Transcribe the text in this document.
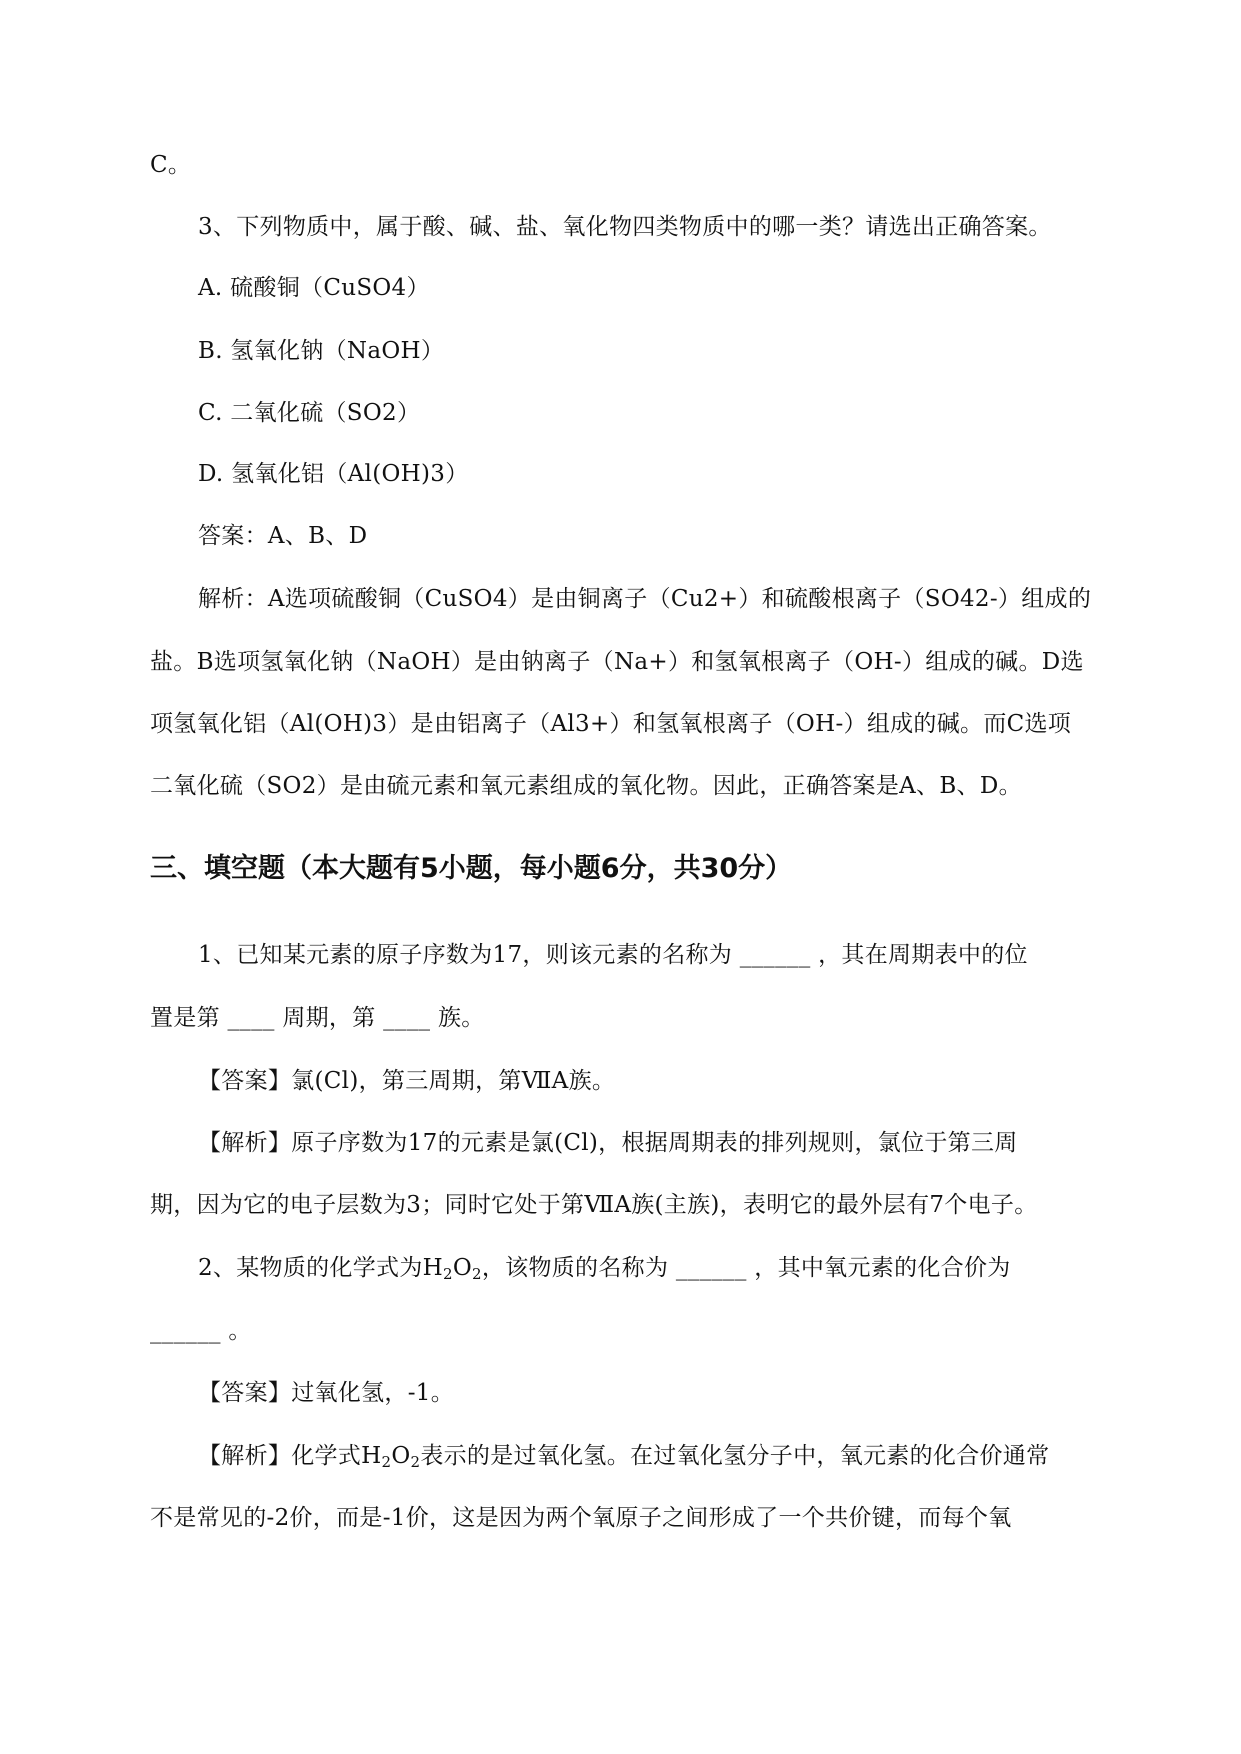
C。
3、下列物质中，属于酸、碱、盐、氧化物四类物质中的哪一类？请选出正确答案。
A. 硫酸铜（CuSO4）
B. 氢氧化钠（NaOH）
C. 二氧化硫（SO2）
D. 氢氧化铝（Al(OH)3）
答案：A、B、D
解析：A选项硫酸铜（CuSO4）是由铜离子（Cu2+）和硫酸根离子（SO42-）组成的
盐。B选项氢氧化钠（NaOH）是由钠离子（Na+）和氢氧根离子（OH-）组成的碱。D选
项氢氧化铝（Al(OH)3）是由铝离子（Al3+）和氢氧根离子（OH-）组成的碱。而C选项
二氧化硫（SO2）是由硫元素和氧元素组成的氧化物。因此，正确答案是A、B、D。
三、填空题（本大题有5小题，每小题6分，共30分）
1、已知某元素的原子序数为17，则该元素的名称为 ______ ，其在周期表中的位
置是第 ____ 周期，第 ____ 族。
【答案】氯(Cl)，第三周期，第ⅦA族。
【解析】原子序数为17的元素是氯(Cl)，根据周期表的排列规则，氯位于第三周
期，因为它的电子层数为3；同时它处于第ⅦA族(主族)，表明它的最外层有7个电子。
2、某物质的化学式为$H_2O_2$，该物质的名称为 ______ ，其中氧元素的化合价为
______ 。
【答案】过氧化氢，-1。
【解析】化学式$H_2O_2$表示的是过氧化氢。在过氧化氢分子中，氧元素的化合价通常
不是常见的-2价，而是-1价，这是因为两个氧原子之间形成了一个共价键，而每个氧
